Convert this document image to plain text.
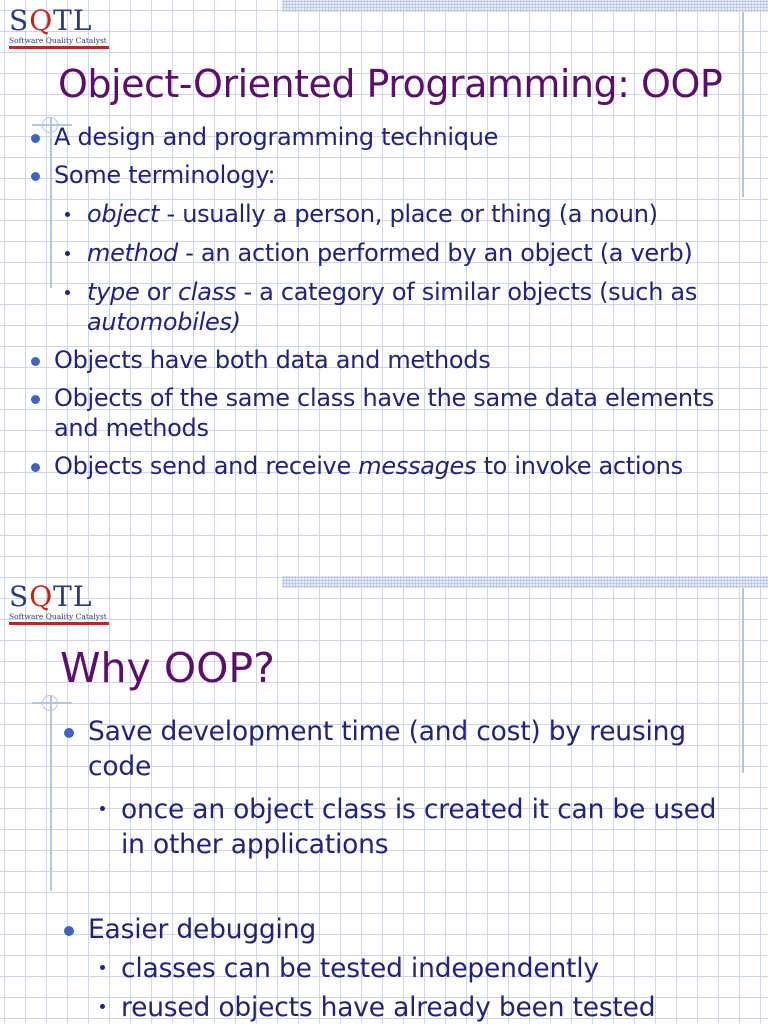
SQTL
Software Quality Catalyst
Object-Oriented Programming: OOP
A design and programming technique
Some terminology:
object - usually a person, place or thing (a noun)
method - an action performed by an object (a verb)
type or class - a category of similar objects (such as automobiles)
Objects have both data and methods
Objects of the same class have the same data elements and methods
Objects send and receive messages to invoke actions
SQTL
Software Quality Catalyst
Why OOP?
Save development time (and cost) by reusing code
once an object class is created it can be used in other applications
Easier debugging
classes can be tested independently
reused objects have already been tested
